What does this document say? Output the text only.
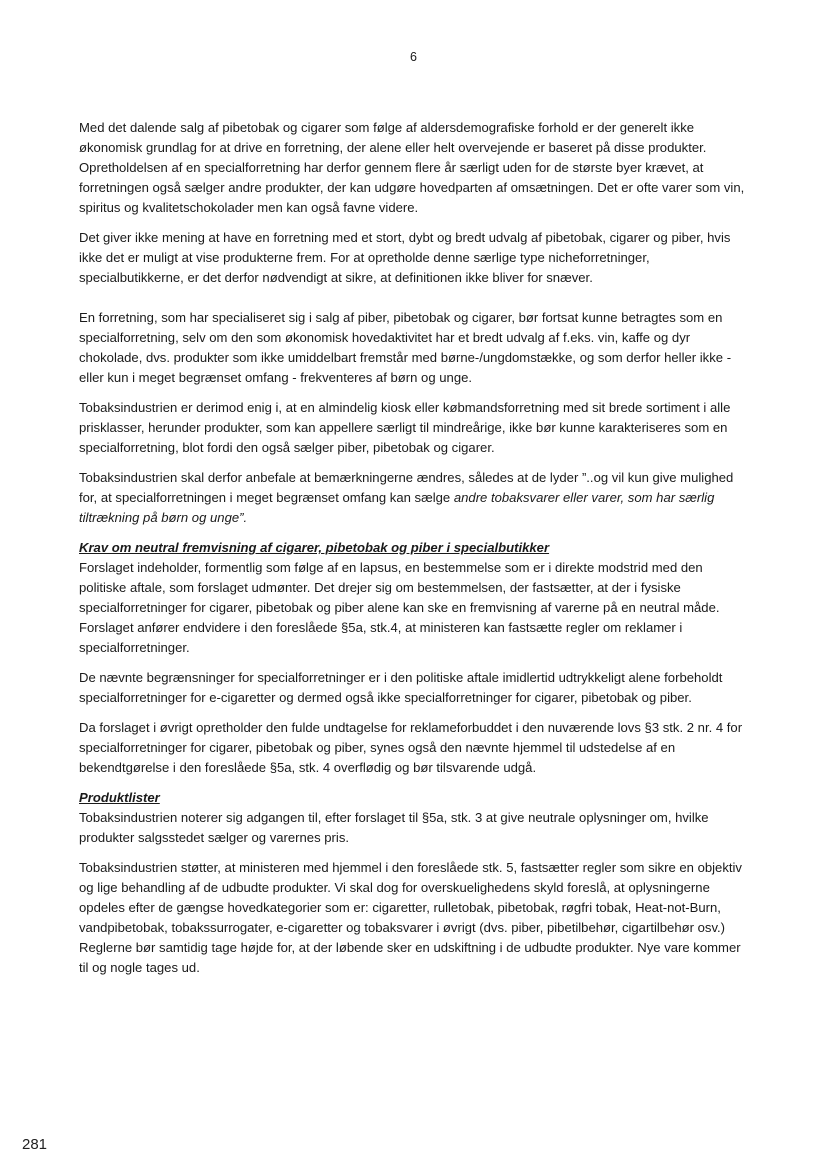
6

Med det dalende salg af pibetobak og cigarer som følge af aldersdemografiske forhold er der generelt ikke økonomisk grundlag for at drive en forretning, der alene eller helt overvejende er baseret på disse produkter. Opretholdelsen af en specialforretning har derfor gennem flere år særligt uden for de største byer krævet, at forretningen også sælger andre produkter, der kan udgøre hovedparten af omsætningen. Det er ofte varer som vin, spiritus og kvalitetschokolader men kan også favne videre.

Det giver ikke mening at have en forretning med et stort, dybt og bredt udvalg af pibetobak, cigarer og piber, hvis ikke det er muligt at vise produkterne frem. For at opretholde denne særlige type nicheforretninger, specialbutikkerne, er det derfor nødvendigt at sikre, at definitionen ikke bliver for snæver.

En forretning, som har specialiseret sig i salg af piber, pibetobak og cigarer, bør fortsat kunne betragtes som en specialforretning, selv om den som økonomisk hovedaktivitet har et bredt udvalg af f.eks. vin, kaffe og dyr chokolade, dvs. produkter som ikke umiddelbart fremstår med børne-/ungdomstække, og som derfor heller ikke - eller kun i meget begrænset omfang - frekventeres af børn og unge.

Tobaksindustrien er derimod enig i, at en almindelig kiosk eller købmandsforretning med sit brede sortiment i alle prisklasser, herunder produkter, som kan appellere særligt til mindreårige, ikke bør kunne karakteriseres som en specialforretning, blot fordi den også sælger piber, pibetobak og cigarer.

Tobaksindustrien skal derfor anbefale at bemærkningerne ændres, således at de lyder ”..og vil kun give mulighed for, at specialforretningen i meget begrænset omfang kan sælge andre tobaksvarer eller varer, som har særlig tiltrækning på børn og unge”.

Krav om neutral fremvisning af cigarer, pibetobak og piber i specialbutikker

Forslaget indeholder, formentlig som følge af en lapsus, en bestemmelse som er i direkte modstrid med den politiske aftale, som forslaget udmønter. Det drejer sig om bestemmelsen, der fastsætter, at der i fysiske specialforretninger for cigarer, pibetobak og piber alene kan ske en fremvisning af varerne på en neutral måde. Forslaget anfører endvidere i den foreslåede §5a, stk.4, at ministeren kan fastsætte regler om reklamer i specialforretninger.

De nævnte begrænsninger for specialforretninger er i den politiske aftale imidlertid udtrykkeligt alene forbeholdt specialforretninger for e-cigaretter og dermed også ikke specialforretninger for cigarer, pibetobak og piber.

Da forslaget i øvrigt opretholder den fulde undtagelse for reklameforbuddet i den nuværende lovs §3 stk. 2 nr. 4 for specialforretninger for cigarer, pibetobak og piber, synes også den nævnte hjemmel til udstedelse af en bekendtgørelse i den foreslåede §5a, stk. 4 overflødig og bør tilsvarende udgå.

Produktlister

Tobaksindustrien noterer sig adgangen til, efter forslaget til §5a, stk. 3 at give neutrale oplysninger om, hvilke produkter salgsstedet sælger og varernes pris.

Tobaksindustrien støtter, at ministeren med hjemmel i den foreslåede stk. 5, fastsætter regler som sikre en objektiv og lige behandling af de udbudte produkter. Vi skal dog for overskuelighedens skyld foreslå, at oplysningerne opdeles efter de gængse hovedkategorier som er: cigaretter, rulletobak, pibetobak, røgfri tobak, Heat-not-Burn, vandpibetobak, tobakssurrogater, e-cigaretter og tobaksvarer i øvrigt (dvs. piber, pibetilbehør, cigartilbehør osv.) Reglerne bør samtidig tage højde for, at der løbende sker en udskiftning i de udbudte produkter. Nye vare kommer til og nogle tages ud.

281
